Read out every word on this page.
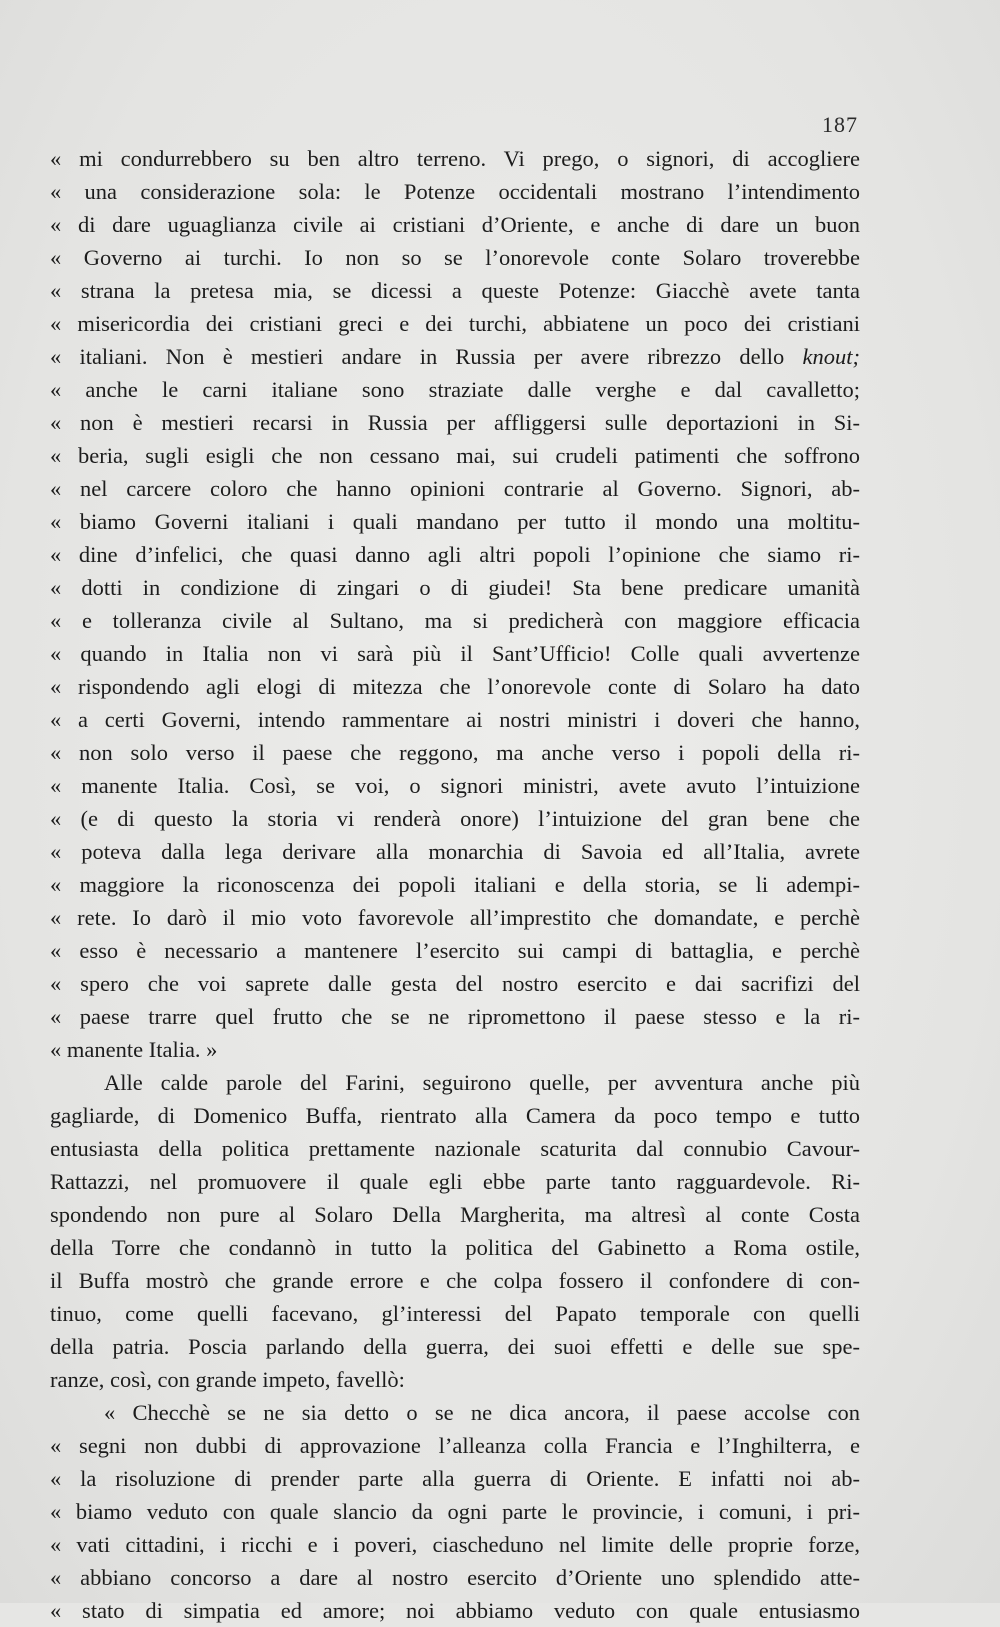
187
« mi condurrebbero su ben altro terreno. Vi prego, o signori, di accogliere
« una considerazione sola: le Potenze occidentali mostrano l’intendimento
« di dare uguaglianza civile ai cristiani d’Oriente, e anche di dare un buon
« Governo ai turchi. Io non so se l’onorevole conte Solaro troverebbe
« strana la pretesa mia, se dicessi a queste Potenze: Giacchè avete tanta
« misericordia dei cristiani greci e dei turchi, abbiatene un poco dei cristiani
« italiani. Non è mestieri andare in Russia per avere ribrezzo dello knout;
« anche le carni italiane sono straziate dalle verghe e dal cavalletto;
« non è mestieri recarsi in Russia per affliggersi sulle deportazioni in Si-
« beria, sugli esigli che non cessano mai, sui crudeli patimenti che soffrono
« nel carcere coloro che hanno opinioni contrarie al Governo. Signori, ab-
« biamo Governi italiani i quali mandano per tutto il mondo una moltitu-
« dine d’infelici, che quasi danno agli altri popoli l’opinione che siamo ri-
« dotti in condizione di zingari o di giudei! Sta bene predicare umanità
« e tolleranza civile al Sultano, ma si predicherà con maggiore efficacia
« quando in Italia non vi sarà più il Sant’Ufficio! Colle quali avvertenze
« rispondendo agli elogi di mitezza che l’onorevole conte di Solaro ha dato
« a certi Governi, intendo rammentare ai nostri ministri i doveri che hanno,
« non solo verso il paese che reggono, ma anche verso i popoli della ri-
« manente Italia. Così, se voi, o signori ministri, avete avuto l’intuizione
« (e di questo la storia vi renderà onore) l’intuizione del gran bene che
« poteva dalla lega derivare alla monarchia di Savoia ed all’Italia, avrete
« maggiore la riconoscenza dei popoli italiani e della storia, se li adempi-
« rete. Io darò il mio voto favorevole all’imprestito che domandate, e perchè
« esso è necessario a mantenere l’esercito sui campi di battaglia, e perchè
« spero che voi saprete dalle gesta del nostro esercito e dai sacrifizi del
« paese trarre quel frutto che se ne ripromettono il paese stesso e la ri-
« manente Italia. »
Alle calde parole del Farini, seguirono quelle, per avventura anche più
gagliarde, di Domenico Buffa, rientrato alla Camera da poco tempo e tutto
entusiasta della politica prettamente nazionale scaturita dal connubio Cavour-
Rattazzi, nel promuovere il quale egli ebbe parte tanto ragguardevole. Ri-
spondendo non pure al Solaro Della Margherita, ma altresì al conte Costa
della Torre che condannò in tutto la politica del Gabinetto a Roma ostile,
il Buffa mostrò che grande errore e che colpa fossero il confondere di con-
tinuo, come quelli facevano, gl’interessi del Papato temporale con quelli
della patria. Poscia parlando della guerra, dei suoi effetti e delle sue spe-
ranze, così, con grande impeto, favellò:
« Checchè se ne sia detto o se ne dica ancora, il paese accolse con
« segni non dubbi di approvazione l’alleanza colla Francia e l’Inghilterra, e
« la risoluzione di prender parte alla guerra di Oriente. E infatti noi ab-
« biamo veduto con quale slancio da ogni parte le provincie, i comuni, i pri-
« vati cittadini, i ricchi e i poveri, ciascheduno nel limite delle proprie forze,
« abbiano concorso a dare al nostro esercito d’Oriente uno splendido atte-
« stato di simpatia ed amore; noi abbiamo veduto con quale entusiasmo
